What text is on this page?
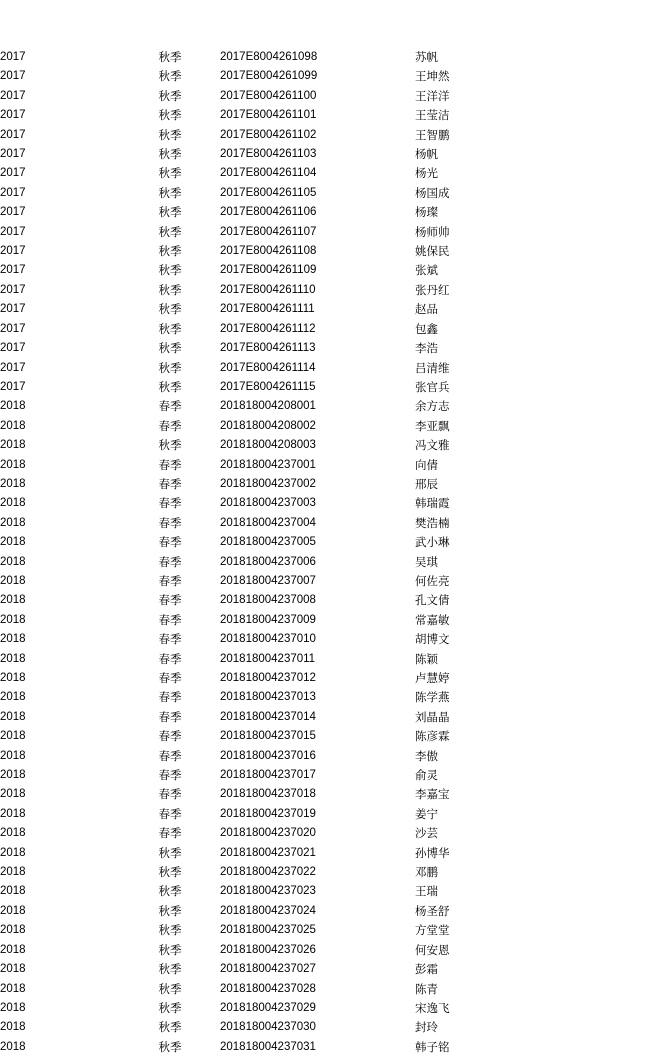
2017	秋季	2017E8004261098	苏帆
2017	秋季	2017E8004261099	王坤然
2017	秋季	2017E8004261100	王洋洋
2017	秋季	2017E8004261101	王莹洁
2017	秋季	2017E8004261102	王智鹏
2017	秋季	2017E8004261103	杨帆
2017	秋季	2017E8004261104	杨光
2017	秋季	2017E8004261105	杨国成
2017	秋季	2017E8004261106	杨璨
2017	秋季	2017E8004261107	杨师帅
2017	秋季	2017E8004261108	姚保民
2017	秋季	2017E8004261109	张斌
2017	秋季	2017E8004261110	张丹红
2017	秋季	2017E8004261111	赵品
2017	秋季	2017E8004261112	包鑫
2017	秋季	2017E8004261113	李浩
2017	秋季	2017E8004261114	吕清维
2017	秋季	2017E8004261115	张官兵
2018	春季	201818004208001	余方志
2018	春季	201818004208002	李亚飘
2018	秋季	201818004208003	冯文雅
2018	春季	201818004237001	向倩
2018	春季	201818004237002	邢辰
2018	春季	201818004237003	韩瑞霞
2018	春季	201818004237004	樊浩楠
2018	春季	201818004237005	武小琳
2018	春季	201818004237006	吴琪
2018	春季	201818004237007	何佐亮
2018	春季	201818004237008	孔文倩
2018	春季	201818004237009	常嘉敏
2018	春季	201818004237010	胡博文
2018	春季	201818004237011	陈颖
2018	春季	201818004237012	卢慧婷
2018	春季	201818004237013	陈学燕
2018	春季	201818004237014	刘晶晶
2018	春季	201818004237015	陈彦霖
2018	春季	201818004237016	李傲
2018	春季	201818004237017	俞灵
2018	春季	201818004237018	李嘉宝
2018	春季	201818004237019	姜宁
2018	春季	201818004237020	沙芸
2018	秋季	201818004237021	孙博华
2018	秋季	201818004237022	邓鹏
2018	秋季	201818004237023	王瑞
2018	秋季	201818004237024	杨圣舒
2018	秋季	201818004237025	方堂堂
2018	秋季	201818004237026	何安恩
2018	秋季	201818004237027	彭霜
2018	秋季	201818004237028	陈青
2018	秋季	201818004237029	宋逸飞
2018	秋季	201818004237030	封玲
2018	秋季	201818004237031	韩子铭
